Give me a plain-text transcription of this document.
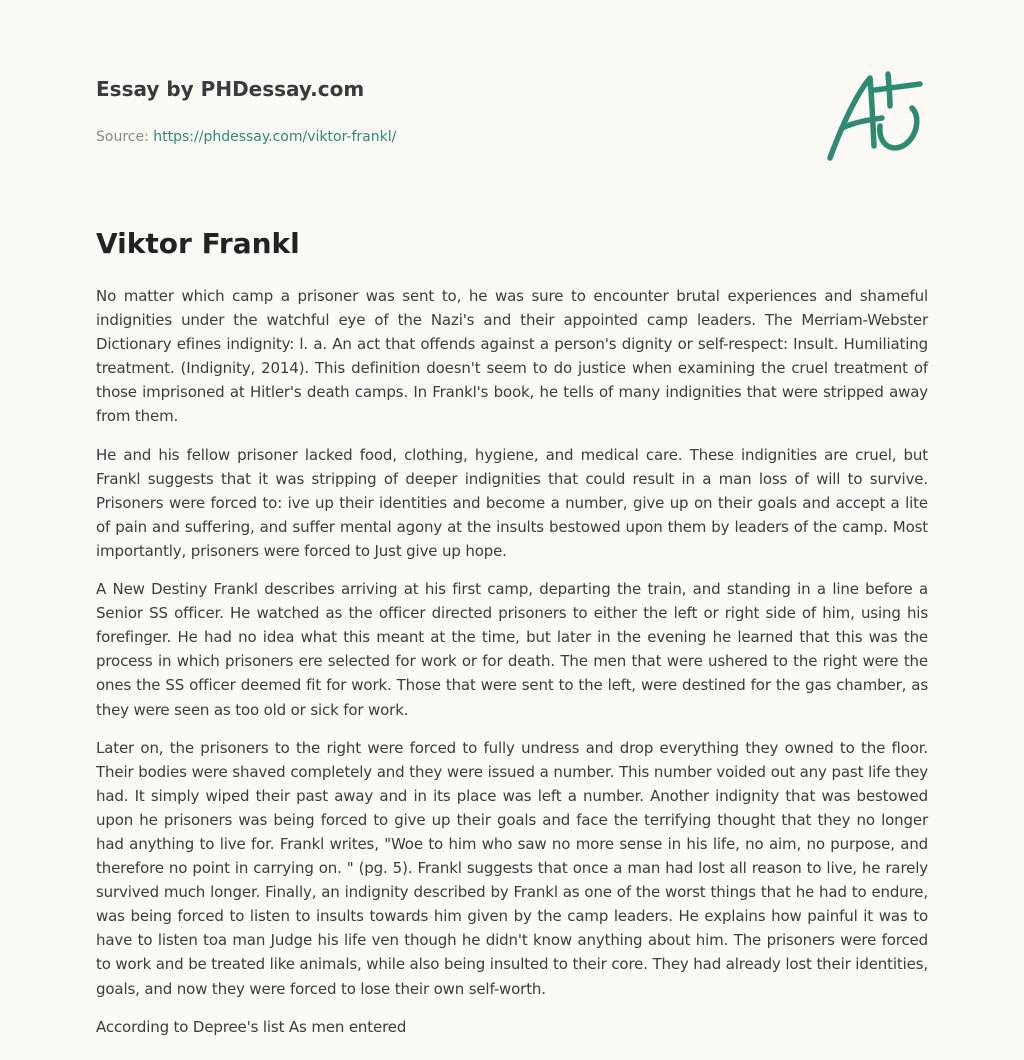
Essay by PHDessay.com
Source: https://phdessay.com/viktor-frankl/
Viktor Frankl

No matter which camp a prisoner was sent to, he was sure to encounter brutal experiences and shameful indignities under the watchful eye of the Nazi's and their appointed camp leaders. The Merriam-Webster Dictionary efines indignity: l. a. An act that offends against a person's dignity or self-respect: Insult. Humiliating treatment. (Indignity, 2014). This definition doesn't seem to do justice when examining the cruel treatment of those imprisoned at Hitler's death camps. In Frankl's book, he tells of many indignities that were stripped away from them.

He and his fellow prisoner lacked food, clothing, hygiene, and medical care. These indignities are cruel, but Frankl suggests that it was stripping of deeper indignities that could result in a man loss of will to survive. Prisoners were forced to: ive up their identities and become a number, give up on their goals and accept a lite of pain and suffering, and suffer mental agony at the insults bestowed upon them by leaders of the camp. Most importantly, prisoners were forced to Just give up hope.

A New Destiny Frankl describes arriving at his first camp, departing the train, and standing in a line before a Senior SS officer. He watched as the officer directed prisoners to either the left or right side of him, using his forefinger. He had no idea what this meant at the time, but later in the evening he learned that this was the process in which prisoners ere selected for work or for death. The men that were ushered to the right were the ones the SS officer deemed fit for work. Those that were sent to the left, were destined for the gas chamber, as they were seen as too old or sick for work.

Later on, the prisoners to the right were forced to fully undress and drop everything they owned to the floor. Their bodies were shaved completely and they were issued a number. This number voided out any past life they had. It simply wiped their past away and in its place was left a number. Another indignity that was bestowed upon he prisoners was being forced to give up their goals and face the terrifying thought that they no longer had anything to live for. Frankl writes, "Woe to him who saw no more sense in his life, no aim, no purpose, and therefore no point in carrying on. " (pg. 5). Frankl suggests that once a man had lost all reason to live, he rarely survived much longer. Finally, an indignity described by Frankl as one of the worst things that he had to endure, was being forced to listen to insults towards him given by the camp leaders. He explains how painful it was to have to listen toa man Judge his life ven though he didn't know anything about him. The prisoners were forced to work and be treated like animals, while also being insulted to their core. They had already lost their identities, goals, and now they were forced to lose their own self-worth.

According to Depree's list As men entered
